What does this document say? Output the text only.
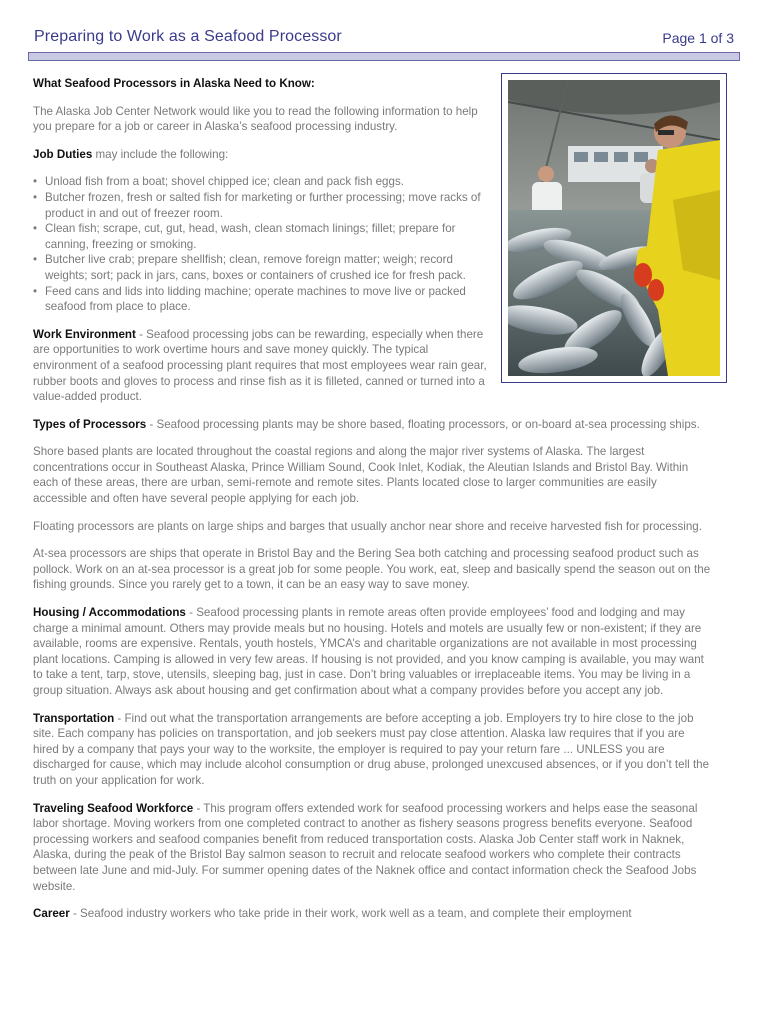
Preparing to Work as a Seafood Processor	Page 1 of 3
What Seafood Processors in Alaska Need to Know:

The Alaska Job Center Network would like you to read the following information to help you prepare for a job or career in Alaska’s seafood processing industry.

Job Duties may include the following:

• Unload fish from a boat; shovel chipped ice; clean and pack fish eggs.
• Butcher frozen, fresh or salted fish for marketing or further processing; move racks of product in and out of freezer room.
• Clean fish; scrape, cut, gut, head, wash, clean stomach linings; fillet; prepare for canning, freezing or smoking.
• Butcher live crab; prepare shellfish; clean, remove foreign matter; weigh; record weights; sort; pack in jars, cans, boxes or containers of crushed ice for fresh pack.
• Feed cans and lids into lidding machine; operate machines to move live or packed seafood from place to place.

Work Environment - Seafood processing jobs can be rewarding, especially when there are opportunities to work overtime hours and save money quickly. The typical environment of a seafood processing plant requires that most employees wear rain gear, rubber boots and gloves to process and rinse fish as it is filleted, canned or turned into a value-added product.

Types of Processors - Seafood processing plants may be shore based, floating processors, or on-board at-sea processing ships.

Shore based plants are located throughout the coastal regions and along the major river systems of Alaska. The largest concentrations occur in Southeast Alaska, Prince William Sound, Cook Inlet, Kodiak, the Aleutian Islands and Bristol Bay. Within each of these areas, there are urban, semi-remote and remote sites. Plants located close to larger communities are easily accessible and often have several people applying for each job.

Floating processors are plants on large ships and barges that usually anchor near shore and receive harvested fish for processing.

At-sea processors are ships that operate in Bristol Bay and the Bering Sea both catching and processing seafood product such as pollock. Work on an at-sea processor is a great job for some people. You work, eat, sleep and basically spend the season out on the fishing grounds. Since you rarely get to a town, it can be an easy way to save money.

Housing / Accommodations - Seafood processing plants in remote areas often provide employees’ food and lodging and may charge a minimal amount. Others may provide meals but no housing. Hotels and motels are usually few or non-existent; if they are available, rooms are expensive. Rentals, youth hostels, YMCA’s and charitable organizations are not available in most processing plant locations. Camping is allowed in very few areas. If housing is not provided, and you know camping is available, you may want to take a tent, tarp, stove, utensils, sleeping bag, just in case. Don’t bring valuables or irreplaceable items. You may be living in a group situation. Always ask about housing and get confirmation about what a company provides before you accept any job.

Transportation - Find out what the transportation arrangements are before accepting a job. Employers try to hire close to the job site. Each company has policies on transportation, and job seekers must pay close attention. Alaska law requires that if you are hired by a company that pays your way to the worksite, the employer is required to pay your return fare ... UNLESS you are discharged for cause, which may include alcohol consumption or drug abuse, prolonged unexcused absences, or if you don’t tell the truth on your application for work.

Traveling Seafood Workforce - This program offers extended work for seafood processing workers and helps ease the seasonal labor shortage. Moving workers from one completed contract to another as fishery seasons progress benefits everyone. Seafood processing workers and seafood companies benefit from reduced transportation costs. Alaska Job Center staff work in Naknek, Alaska, during the peak of the Bristol Bay salmon season to recruit and relocate seafood workers who complete their contracts between late June and mid-July. For summer opening dates of the Naknek office and contact information check the Seafood Jobs website.

Career - Seafood industry workers who take pride in their work, work well as a team, and complete their employment
